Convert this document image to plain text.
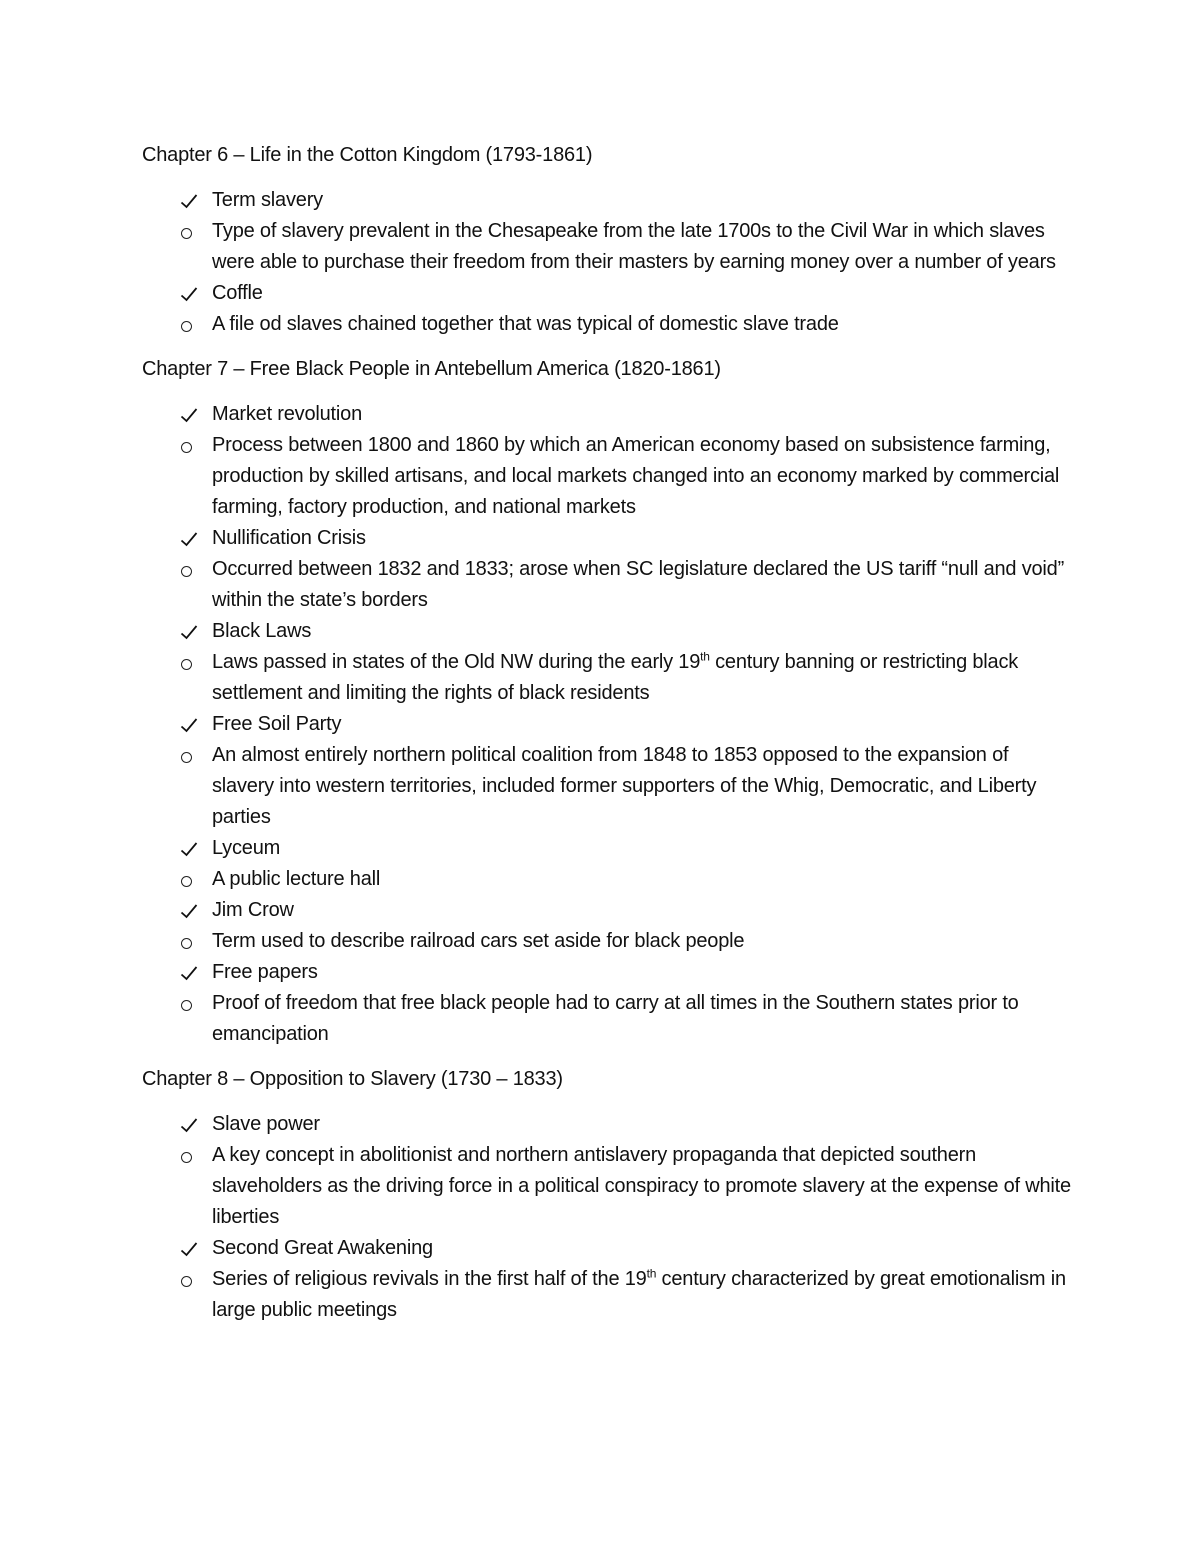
Chapter 6 – Life in the Cotton Kingdom (1793-1861)
Term slavery
Type of slavery prevalent in the Chesapeake from the late 1700s to the Civil War in which slaves were able to purchase their freedom from their masters by earning money over a number of years
Coffle
A file od slaves chained together that was typical of domestic slave trade
Chapter 7 – Free Black People in Antebellum America (1820-1861)
Market revolution
Process between 1800 and 1860 by which an American economy based on subsistence farming, production by skilled artisans, and local markets changed into an economy marked by commercial farming, factory production, and national markets
Nullification Crisis
Occurred between 1832 and 1833; arose when SC legislature declared the US tariff “null and void” within the state’s borders
Black Laws
Laws passed in states of the Old NW during the early 19th century banning or restricting black settlement and limiting the rights of black residents
Free Soil Party
An almost entirely northern political coalition from 1848 to 1853 opposed to the expansion of slavery into western territories, included former supporters of the Whig, Democratic, and Liberty parties
Lyceum
A public lecture hall
Jim Crow
Term used to describe railroad cars set aside for black people
Free papers
Proof of freedom that free black people had to carry at all times in the Southern states prior to emancipation
Chapter 8 – Opposition to Slavery (1730 – 1833)
Slave power
A key concept in abolitionist and northern antislavery propaganda that depicted southern slaveholders as the driving force in a political conspiracy to promote slavery at the expense of white liberties
Second Great Awakening
Series of religious revivals in the first half of the 19th century characterized by great emotionalism in large public meetings
